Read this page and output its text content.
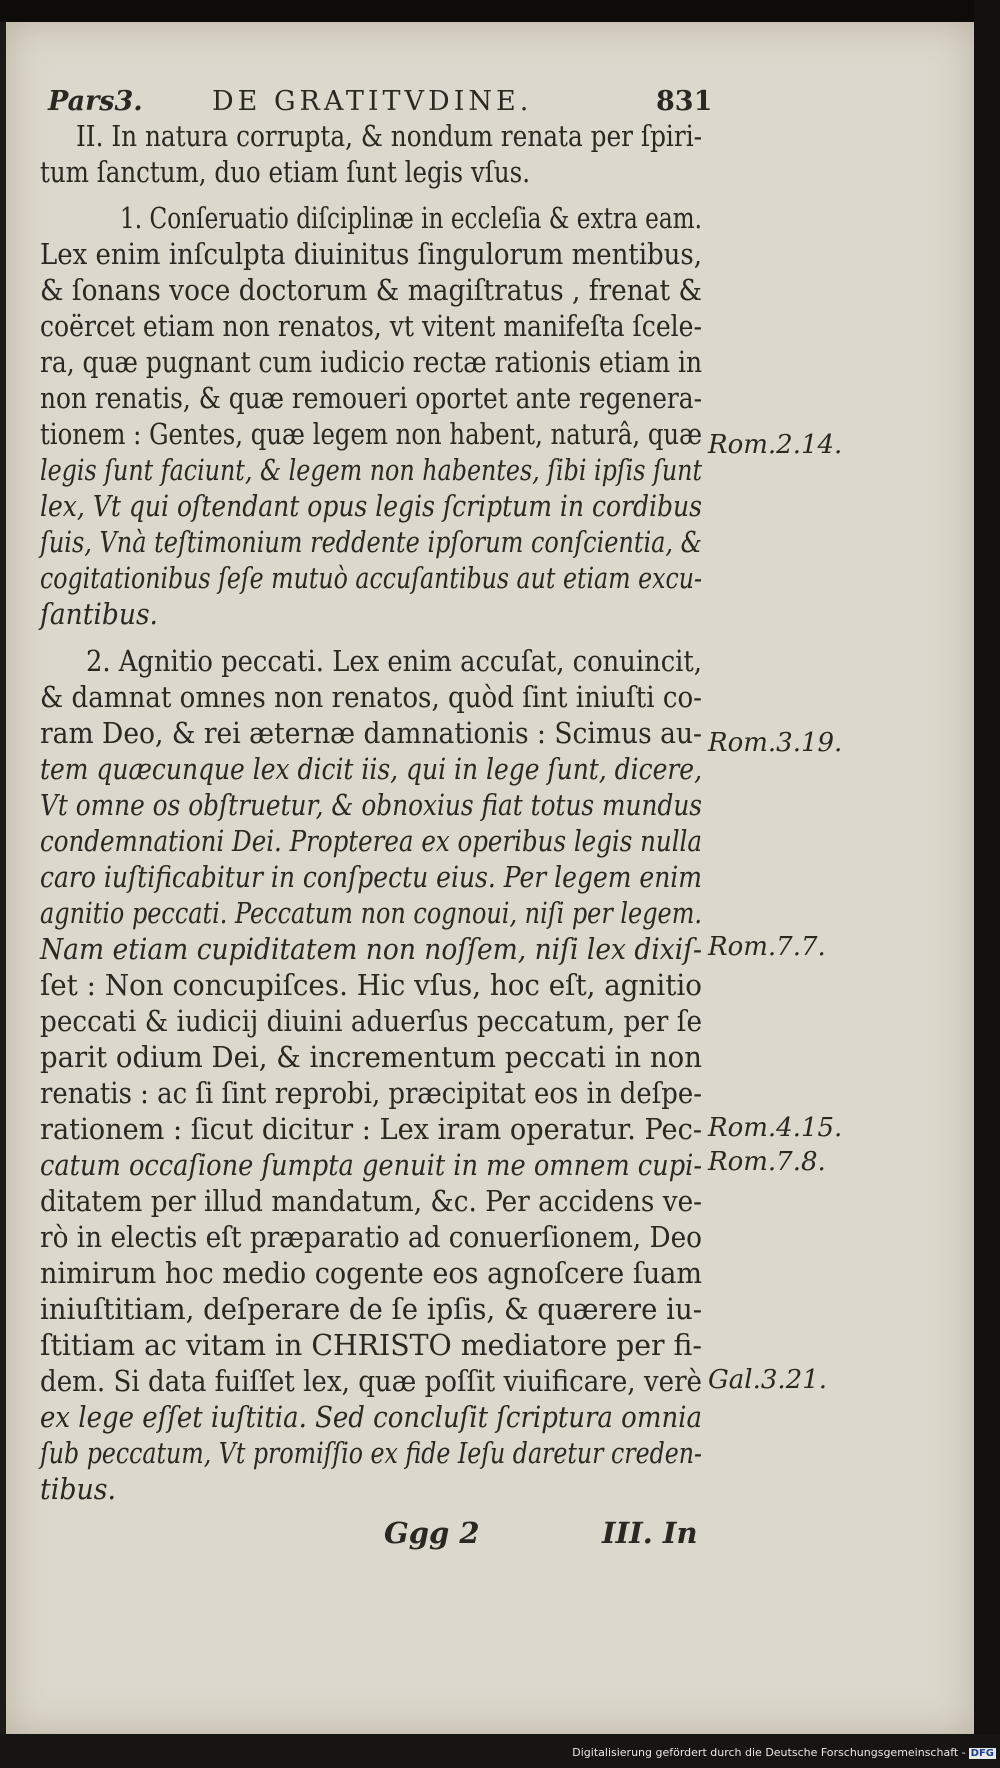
Pars3.	DE GRATITVDINE.	831
II. In natura corrupta, & nondum renata per ſpiri-
tum ſanctum, duo etiam ſunt legis vſus.
1. Conſeruatio diſciplinæ in eccleſia & extra eam.
Lex enim inſculpta diuinitus ſingulorum mentibus,
& ſonans voce doctorum & magiſtratus , frenat &
coërcet etiam non renatos, vt vitent manifeſta ſcele-
ra, quæ pugnant cum iudicio rectæ rationis etiam in
non renatis, & quæ remoueri oportet ante regenera-
tionem : Gentes, quæ legem non habent, naturâ, quæ
legis ſunt faciunt, & legem non habentes, ſibi ipſis ſunt
lex, Vt qui oſtendant opus legis ſcriptum in cordibus
ſuis, Vnà teſtimonium reddente ipſorum conſcientia, &
cogitationibus ſeſe mutuò accuſantibus aut etiam excu-
ſantibus.
2. Agnitio peccati. Lex enim accuſat, conuincit,
& damnat omnes non renatos, quòd ſint iniuſti co-
ram Deo, & rei æternæ damnationis : Scimus au-
tem quæcunque lex dicit iis, qui in lege ſunt, dicere,
Vt omne os obſtruetur, & obnoxius fiat totus mundus
condemnationi Dei. Propterea ex operibus legis nulla
caro iuſtificabitur in conſpectu eius. Per legem enim
agnitio peccati. Peccatum non cognoui, niſi per legem.
Nam etiam cupiditatem non noſſem, niſi lex dixiſ-
ſet : Non concupiſces. Hic vſus, hoc eſt, agnitio
peccati & iudicij diuini aduerſus peccatum, per ſe
parit odium Dei, & incrementum peccati in non
renatis : ac ſi ſint reprobi, præcipitat eos in deſpe-
rationem : ſicut dicitur : Lex iram operatur. Pec-
catum occaſione ſumpta genuit in me omnem cupi-
ditatem per illud mandatum, &c. Per accidens ve-
rò in electis eſt præparatio ad conuerſionem, Deo
nimirum hoc medio cogente eos agnoſcere ſuam
iniuſtitiam, deſperare de ſe ipſis, & quærere iu-
ſtitiam ac vitam in CHRISTO mediatore per fi-
dem. Si data fuiſſet lex, quæ poſſit viuificare, verè
ex lege eſſet iuſtitia. Sed concluſit ſcriptura omnia
ſub peccatum, Vt promiſſio ex fide Ieſu daretur creden-
tibus.
Rom.2.14.
Rom.3.19.
Rom.7.7.
Rom.4.15.
Rom.7.8.
Gal.3.21.
Ggg 2	III. In
Digitalisierung gefördert durch die Deutsche Forschungsgemeinschaft - DFG
